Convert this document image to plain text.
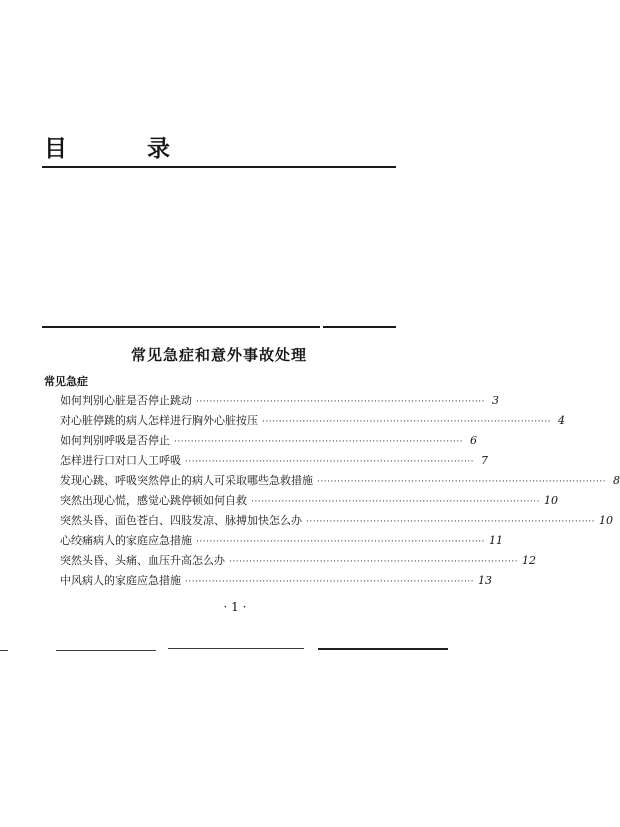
目 录
常见急症和意外事故处理
常见急症
如何判别心脏是否停止跳动 ······················································································ 3
对心脏停跳的病人怎样进行胸外心脏按压 ······················································································ 4
如何判别呼吸是否停止 ······················································································ 6
怎样进行口对口人工呼吸 ······················································································ 7
发现心跳、呼吸突然停止的病人可采取哪些急救措施 ······················································································ 8
突然出现心慌，感觉心跳停顿如何自救 ······················································································ 10
突然头昏、面色苍白、四肢发凉、脉搏加快怎么办 ······················································································ 10
心绞痛病人的家庭应急措施 ······················································································ 11
突然头昏、头痛、血压升高怎么办 ······················································································ 12
中风病人的家庭应急措施 ······················································································ 13
· 1 ·
